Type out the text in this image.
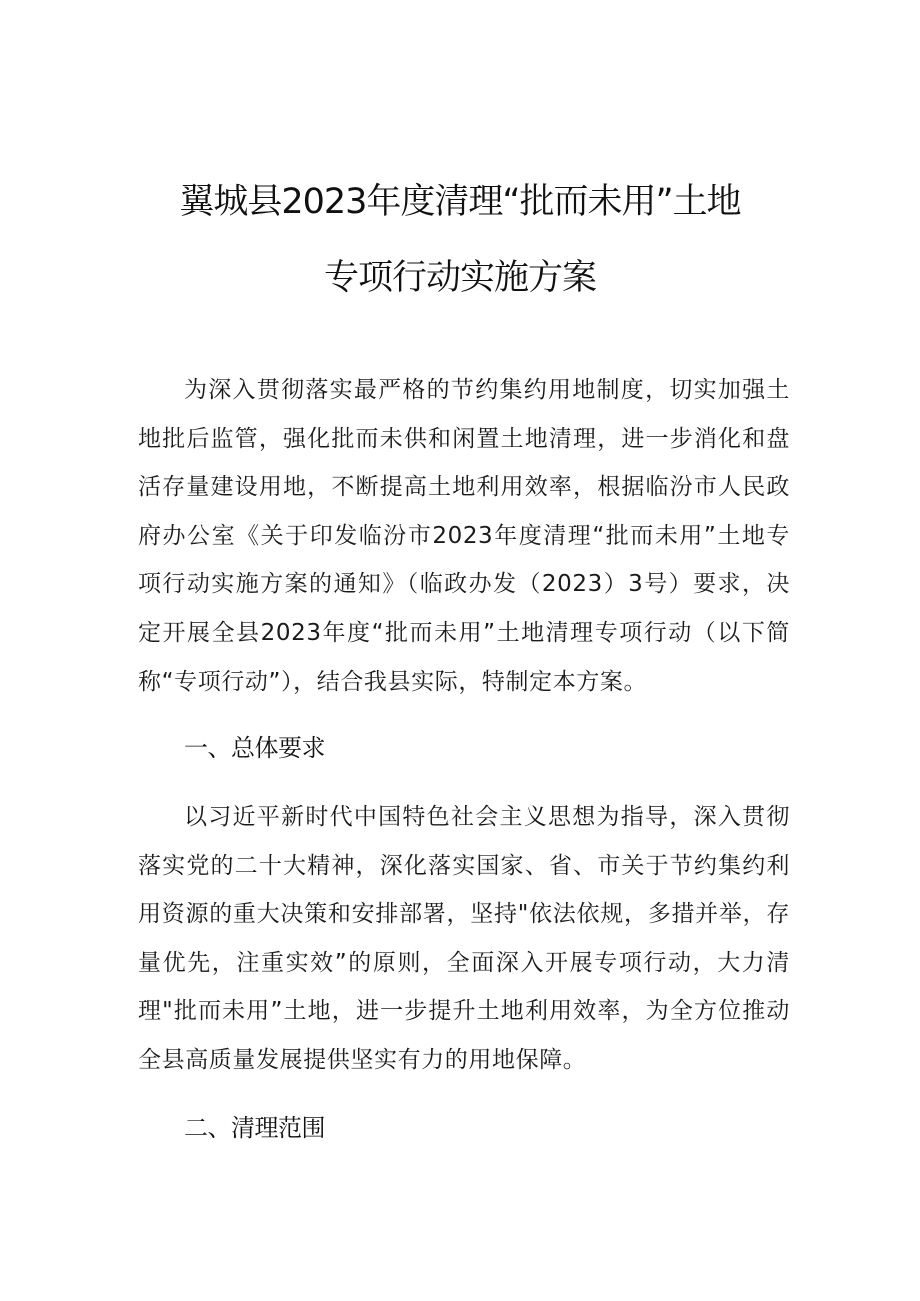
翼城县2023年度清理“批而未用”土地
专项行动实施方案

为深入贯彻落实最严格的节约集约用地制度，切实加强土地批后监管，强化批而未供和闲置土地清理，进一步消化和盘活存量建设用地，不断提高土地利用效率，根据临汾市人民政府办公室《关于印发临汾市2023年度清理“批而未用”土地专项行动实施方案的通知》（临政办发（2023）3号）要求，决定开展全县2023年度“批而未用”土地清理专项行动（以下简称“专项行动”），结合我县实际，特制定本方案。

一、总体要求

以习近平新时代中国特色社会主义思想为指导，深入贯彻落实党的二十大精神，深化落实国家、省、市关于节约集约利用资源的重大决策和安排部署，坚持"依法依规，多措并举，存量优先，注重实效”的原则，全面深入开展专项行动，大力清理"批而未用”土地，进一步提升土地利用效率，为全方位推动全县高质量发展提供坚实有力的用地保障。

二、清理范围
